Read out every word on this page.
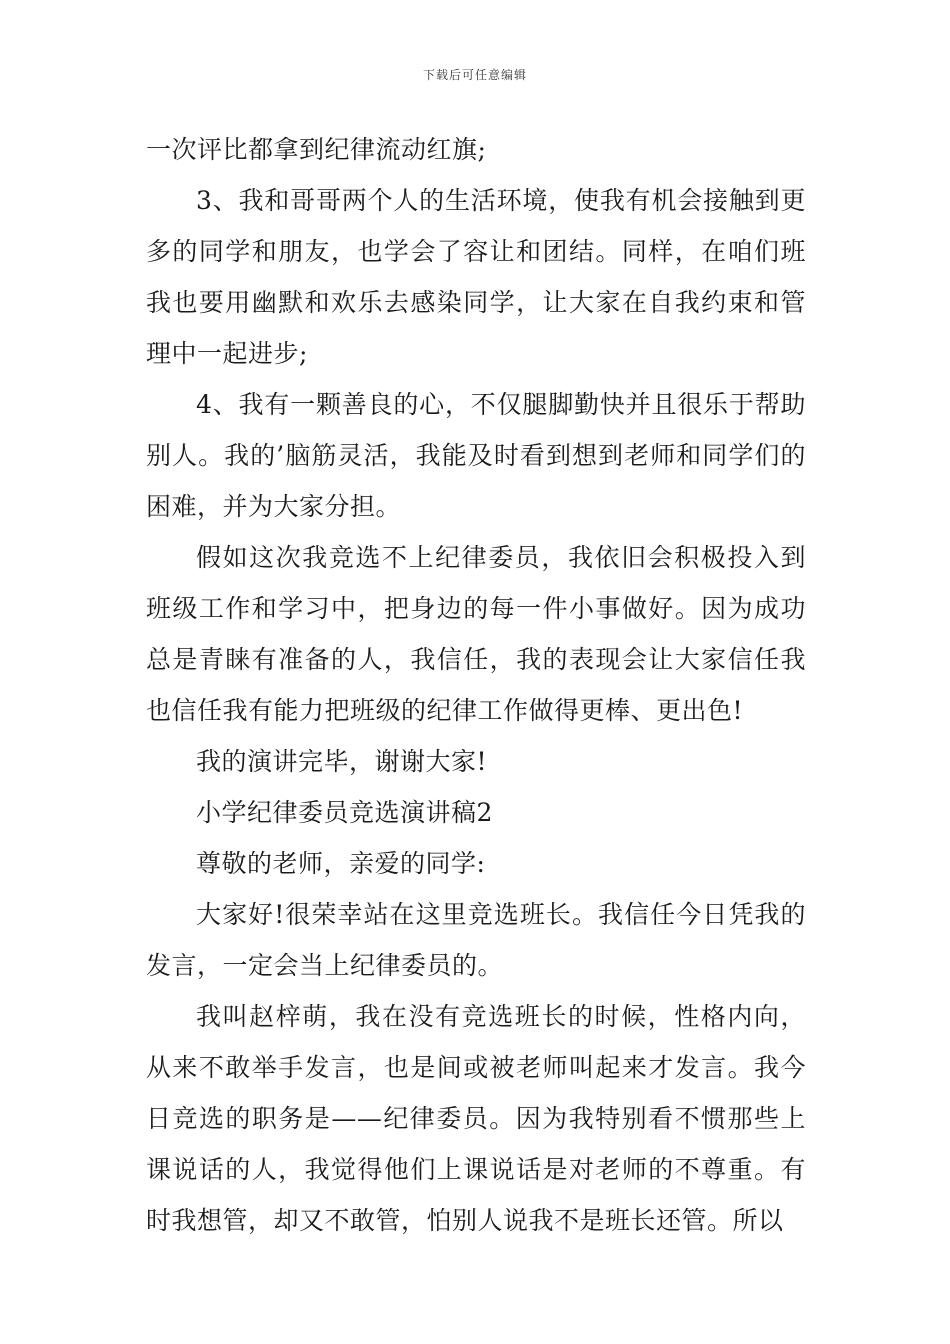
下载后可任意编辑

一次评比都拿到纪律流动红旗;

3、我和哥哥两个人的生活环境，使我有机会接触到更多的同学和朋友，也学会了容让和团结。同样，在咱们班我也要用幽默和欢乐去感染同学，让大家在自我约束和管理中一起进步;

4、我有一颗善良的心，不仅腿脚勤快并且很乐于帮助别人。我的’脑筋灵活，我能及时看到想到老师和同学们的困难，并为大家分担。

假如这次我竞选不上纪律委员，我依旧会积极投入到班级工作和学习中，把身边的每一件小事做好。因为成功总是青睐有准备的人，我信任，我的表现会让大家信任我也信任我有能力把班级的纪律工作做得更棒、更出色!

我的演讲完毕，谢谢大家!

小学纪律委员竞选演讲稿2

尊敬的老师，亲爱的同学:

大家好!很荣幸站在这里竞选班长。我信任今日凭我的发言，一定会当上纪律委员的。

我叫赵梓萌，我在没有竞选班长的时候，性格内向，从来不敢举手发言，也是间或被老师叫起来才发言。我今日竞选的职务是——纪律委员。因为我特别看不惯那些上课说话的人，我觉得他们上课说话是对老师的不尊重。有时我想管，却又不敢管，怕别人说我不是班长还管。所以
